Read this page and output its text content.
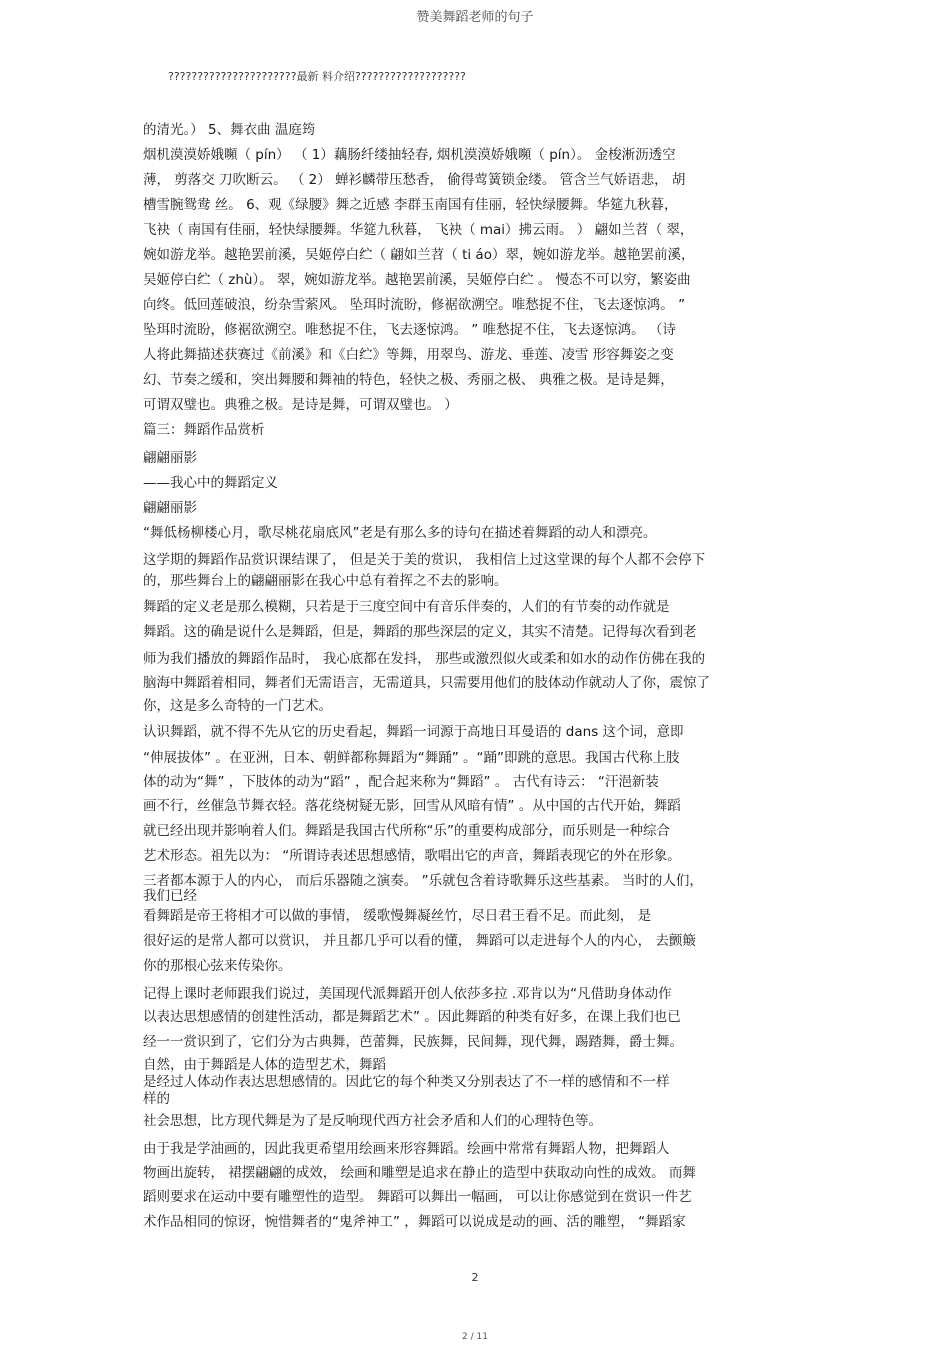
赞美舞蹈老师的句子
??????????????????????最新 料介绍???????????????????
的清光。） 5、舞衣曲 温庭筠
烟机漠漠娇娥嚬（ pín） （ 1）藕肠纤缕抽轻春, 烟机漠漠娇娥嚬（ pín）。 金梭淅沥透空
薄， 剪落交 刀吹断云。 （ 2） 蝉衫麟带压愁香， 偷得莺簧锁金缕。 管含兰气娇语悲， 胡
槽雪腕鸳鸯 丝。 6、观《绿腰》舞之近感 李群玉南国有佳丽，轻快绿腰舞。华筵九秋暮，
飞袂（ 南国有佳丽，轻快绿腰舞。华筵九秋暮， 飞袂（ mai）拂云雨。 ） 翩如兰苕（ 翠，
婉如游龙举。越艳罢前溪，吴姬停白纻（ 翩如兰苕（ ti áo）翠，婉如游龙举。越艳罢前溪，
吴姬停白纻（ zhù）。 翠，婉如游龙举。越艳罢前溪，吴姬停白纻 。 慢态不可以穷，繁姿曲
向终。低回莲破浪，纷杂雪萦风。 坠珥时流盼，修裾欲溯空。唯愁捉不住，飞去逐惊鸿。 ”
坠珥时流盼，修裾欲溯空。唯愁捉不住，飞去逐惊鸿。 ” 唯愁捉不住，飞去逐惊鸿。 （诗
人将此舞描述获赛过《前溪》和《白纻》等舞，用翠鸟、游龙、垂莲、凌雪 形容舞姿之变
幻、节奏之缓和，突出舞腰和舞袖的特色，轻快之极、秀丽之极、 典雅之极。是诗是舞，
可谓双璧也。典雅之极。是诗是舞，可谓双璧也。 ）
篇三：舞蹈作品赏析
翩翩丽影
——我心中的舞蹈定义
翩翩丽影
“舞低杨柳楼心月，歌尽桃花扇底风”老是有那么多的诗句在描述着舞蹈的动人和漂亮。
这学期的舞蹈作品赏识课结课了， 但是关于美的赏识， 我相信上过这堂课的每个人都不会停下
的，那些舞台上的翩翩丽影在我心中总有着挥之不去的影响。
舞蹈的定义老是那么模糊，只若是于三度空间中有音乐伴奏的，人们的有节奏的动作就是
舞蹈。这的确是说什么是舞蹈，但是，舞蹈的那些深层的定义，其实不清楚。记得每次看到老
师为我们播放的舞蹈作品时， 我心底都在发抖， 那些或激烈似火或柔和如水的动作仿佛在我的
脑海中舞蹈着相同，舞者们无需语言，无需道具，只需要用他们的肢体动作就动人了你，震惊了
你，这是多么奇特的一门艺术。
认识舞蹈，就不得不先从它的历史看起，舞蹈一词源于高地日耳曼语的 dans 这个词，意即
“伸展拔体” 。在亚洲，日本、朝鲜都称舞蹈为“舞踊” 。“踊”即跳的意思。我国古代称上肢
体的动为“舞” ，下肢体的动为“蹈” ，配合起来称为“舞蹈” 。 古代有诗云： “汗浥新装
画不行，丝催急节舞衣轻。落花绕树疑无影，回雪从风暗有情” 。从中国的古代开始，舞蹈
就已经出现并影响着人们。舞蹈是我国古代所称“乐”的重要构成部分，而乐则是一种综合
艺术形态。祖先以为： “所谓诗表述思想感情，歌唱出它的声音，舞蹈表现它的外在形象。
三者都本源于人的内心， 而后乐器随之演奏。 ”乐就包含着诗歌舞乐这些基素。 当时的人们，
我们已经
看舞蹈是帝王将相才可以做的事情， 缓歌慢舞凝丝竹，尽日君王看不足。而此刻， 是
很好运的是常人都可以赏识， 并且都几乎可以看的懂， 舞蹈可以走进每个人的内心， 去颤簸
你的那根心弦来传染你。
记得上课时老师跟我们说过，美国现代派舞蹈开创人依莎多拉 .邓肯以为“凡借助身体动作
以表达思想感情的创建性活动，都是舞蹈艺术” 。因此舞蹈的种类有好多，在课上我们也已
经一一赏识到了，它们分为古典舞，芭蕾舞，民族舞，民间舞，现代舞，踢踏舞，爵士舞。
自然，由于舞蹈是人体的造型艺术，舞蹈
是经过人体动作表达思想感情的。因此它的每个种类又分别表达了不一样的感情和不一样
样的
社会思想，比方现代舞是为了是反响现代西方社会矛盾和人们的心理特色等。
由于我是学油画的，因此我更希望用绘画来形容舞蹈。绘画中常常有舞蹈人物，把舞蹈人
物画出旋转， 裙摆翩翩的成效， 绘画和雕塑是追求在静止的造型中获取动向性的成效。 而舞
蹈则要求在运动中要有雕塑性的造型。 舞蹈可以舞出一幅画， 可以让你感觉到在赏识一件艺
术作品相同的惊讶，惋惜舞者的“鬼斧神工” ，舞蹈可以说成是动的画、活的雕塑， “舞蹈家
2
2 / 11
